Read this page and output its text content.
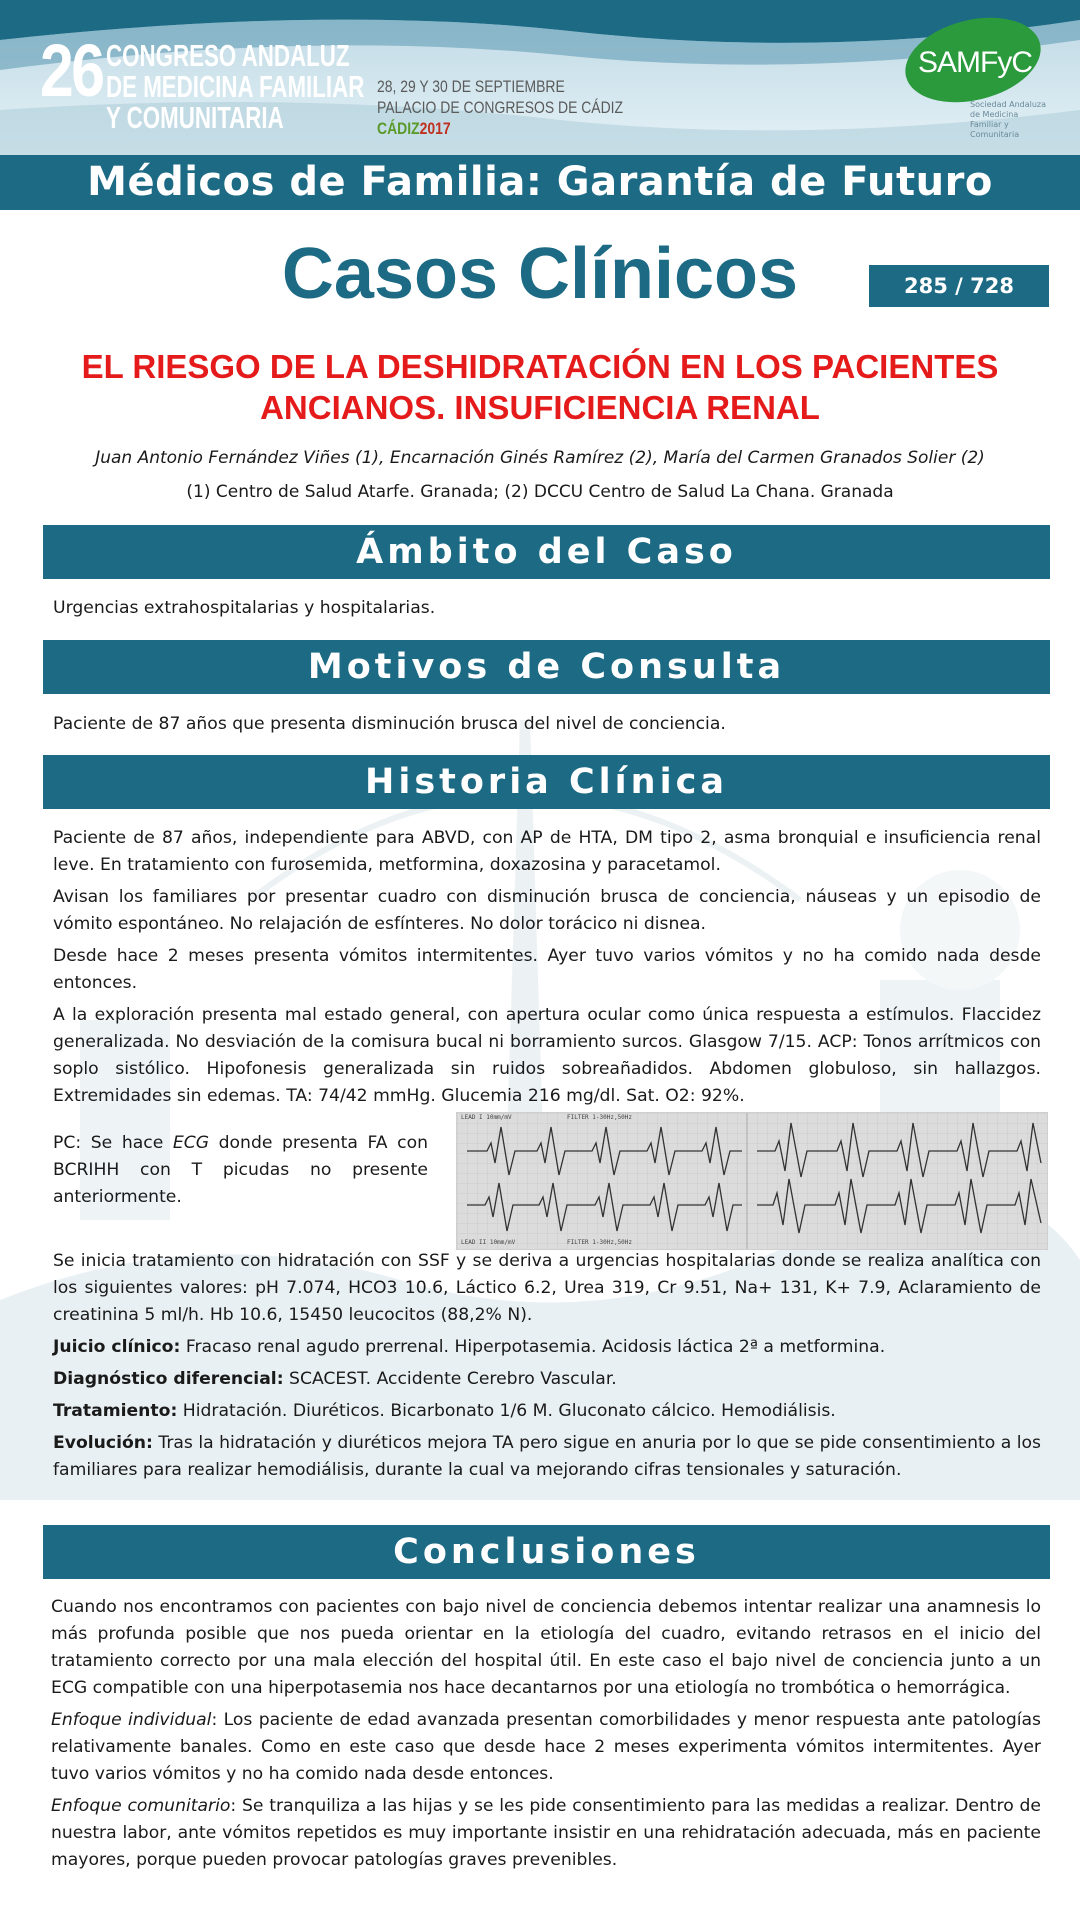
26 CONGRESO ANDALUZ
DE MEDICINA FAMILIAR
Y COMUNITARIA
28, 29 Y 30 DE SEPTIEMBRE
PALACIO DE CONGRESOS DE CÁDIZ
CÁDIZ2017
SAMFyC
Sociedad Andaluza de Medicina Familiar y Comunitaria
Médicos de Familia: Garantía de Futuro
Casos Clínicos	285 / 728
EL RIESGO DE LA DESHIDRATACIÓN EN LOS PACIENTES
ANCIANOS. INSUFICIENCIA RENAL
Juan Antonio Fernández Viñes (1), Encarnación Ginés Ramírez (2), María del Carmen Granados Solier (2)
(1) Centro de Salud Atarfe. Granada; (2) DCCU Centro de Salud La Chana. Granada
Ámbito del Caso

Urgencias extrahospitalarias y hospitalarias.

Motivos de Consulta

Paciente de 87 años que presenta disminución brusca del nivel de conciencia.

Historia Clínica

Paciente de 87 años, independiente para ABVD, con AP de HTA, DM tipo 2, asma bronquial e insuficiencia renal leve. En tratamiento con furosemida, metformina, doxazosina y paracetamol.

Avisan los familiares por presentar cuadro con disminución brusca de conciencia, náuseas y un episodio de vómito espontáneo. No relajación de esfínteres. No dolor torácico ni disnea.

Desde hace 2 meses presenta vómitos intermitentes. Ayer tuvo varios vómitos y no ha comido nada desde entonces.

A la exploración presenta mal estado general, con apertura ocular como única respuesta a estímulos. Flaccidez generalizada. No desviación de la comisura bucal ni borramiento surcos. Glasgow 7/15. ACP: Tonos arrítmicos con soplo sistólico. Hipofonesis generalizada sin ruidos sobreañadidos. Abdomen globuloso, sin hallazgos. Extremidades sin edemas. TA: 74/42 mmHg. Glucemia 216 mg/dl. Sat. O2: 92%.

PC: Se hace ECG donde presenta FA con BCRIHH con T picudas no presente anteriormente.
LEAD I 10mm/mV	FILTER 1-30Hz,50Hz
LEAD II 10mm/mV	FILTER 1-30Hz,50Hz

Se inicia tratamiento con hidratación con SSF y se deriva a urgencias hospitalarias donde se realiza analítica con los siguientes valores: pH 7.074, HCO3 10.6, Láctico 6.2, Urea 319, Cr 9.51, Na+ 131, K+ 7.9, Aclaramiento de creatinina 5 ml/h. Hb 10.6, 15450 leucocitos (88,2% N).

Juicio clínico: Fracaso renal agudo prerrenal. Hiperpotasemia. Acidosis láctica 2ª a metformina.

Diagnóstico diferencial: SCACEST. Accidente Cerebro Vascular.

Tratamiento: Hidratación. Diuréticos. Bicarbonato 1/6 M. Gluconato cálcico. Hemodiálisis.

Evolución: Tras la hidratación y diuréticos mejora TA pero sigue en anuria por lo que se pide consentimiento a los familiares para realizar hemodiálisis, durante la cual va mejorando cifras tensionales y saturación.

Conclusiones

Cuando nos encontramos con pacientes con bajo nivel de conciencia debemos intentar realizar una anamnesis lo más profunda posible que nos pueda orientar en la etiología del cuadro, evitando retrasos en el inicio del tratamiento correcto por una mala elección del hospital útil. En este caso el bajo nivel de conciencia junto a un ECG compatible con una hiperpotasemia nos hace decantarnos por una etiología no trombótica o hemorrágica.

Enfoque individual: Los paciente de edad avanzada presentan comorbilidades y menor respuesta ante patologías relativamente banales. Como en este caso que desde hace 2 meses experimenta vómitos intermitentes. Ayer tuvo varios vómitos y no ha comido nada desde entonces.

Enfoque comunitario: Se tranquiliza a las hijas y se les pide consentimiento para las medidas a realizar. Dentro de nuestra labor, ante vómitos repetidos es muy importante insistir en una rehidratación adecuada, más en paciente mayores, porque pueden provocar patologías graves prevenibles.
